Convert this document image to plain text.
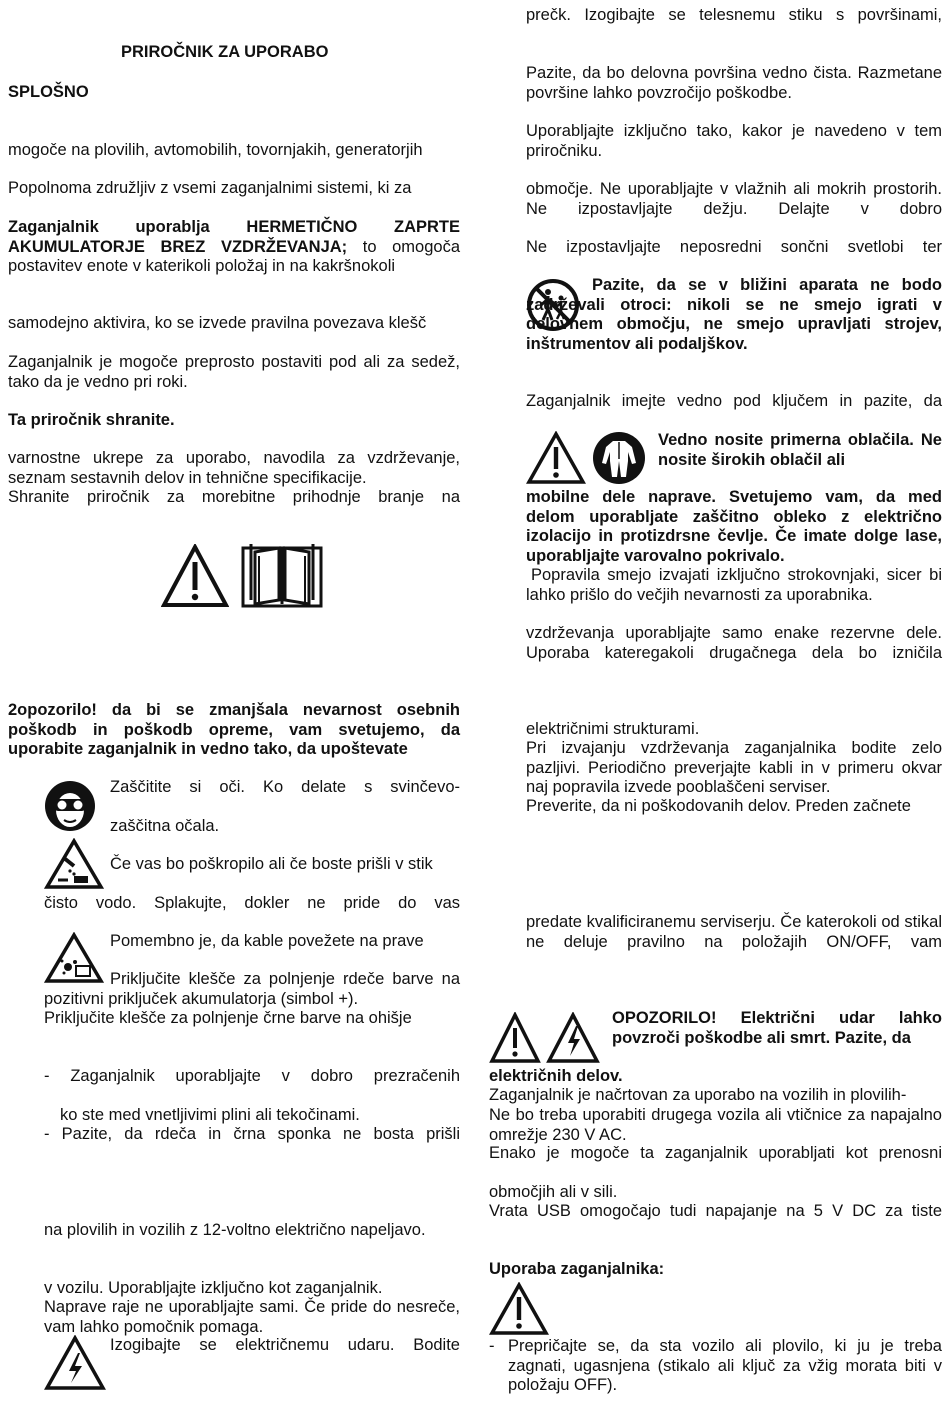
PRIROČNIK ZA UPORABO

SPLOŠNO

mogoče na plovilih, avtomobilih, tovornjakih, generatorjih

Popolnoma združljiv z vsemi zaganjalnimi sistemi, ki za

Zaganjalnik uporablja HERMETIČNO ZAPRTE AKUMULATORJE BREZ VZDRŽEVANJA; to omogoča postavitev enote v katerikoli položaj in na kakršnokoli

samodejno aktivira, ko se izvede pravilna povezava klešč

Zaganjalnik je mogoče preprosto postaviti pod ali za sedež, tako da je vedno pri roki.

Ta priročnik shranite.

varnostne ukrepe za uporabo, navodila za vzdrževanje, seznam sestavnih delov in tehnične specifikacije.

Shranite priročnik za morebitne prihodnje branje na

2opozorilo! da bi se zmanjšala nevarnost osebnih poškodb in poškodb opreme, vam svetujemo, da uporabite zaganjalnik in vedno tako, da upoštevate

Zaščitite si oči. Ko delate s svinčevo-

zaščitna očala.

Če vas bo poškropilo ali če boste prišli v stik

čisto vodo. Splakujte, dokler ne pride do vas

Pomembno je, da kable povežete na prave

Priključite klešče za polnjenje rdeče barve na pozitivni priključek akumulatorja (simbol +).

Priključite klešče za polnjenje črne barve na ohišje

- Zaganjalnik uporabljajte v dobro prezračenih

ko ste med vnetljivimi plini ali tekočinami.

- Pazite, da rdeča in črna sponka ne bosta prišli

na plovilih in vozilih z 12-voltno električno napeljavo.

v vozilu. Uporabljajte izključno kot zaganjalnik.

Naprave raje ne uporabljajte sami. Če pride do nesreče, vam lahko pomočnik pomaga.

Izogibajte se električnemu udaru. Bodite

prečk. Izogibajte se telesnemu stiku s površinami,

Pazite, da bo delovna površina vedno čista. Razmetane površine lahko povzročijo poškodbe.

Uporabljajte izključno tako, kakor je navedeno v tem priročniku.

območje. Ne uporabljajte v vlažnih ali mokrih prostorih. Ne izpostavljajte dežju. Delajte v dobro

Ne izpostavljajte neposredni sončni svetlobi ter

Pazite, da se v bližini aparata ne bodo zadrževali otroci: nikoli se ne smejo igrati v delovnem območju, ne smejo upravljati strojev, inštrumentov ali podaljškov.

Zaganjalnik imejte vedno pod ključem in pazite, da

Vedno nosite primerna oblačila. Ne nosite širokih oblačil ali

mobilne dele naprave. Svetujemo vam, da med delom uporabljate zaščitno obleko z električno izolacijo in protizdrsne čevlje. Če imate dolge lase, uporabljajte varovalno pokrivalo.

Popravila smejo izvajati izključno strokovnjaki, sicer bi lahko prišlo do večjih nevarnosti za uporabnika.

vzdrževanja uporabljajte samo enake rezervne dele. Uporaba kateregakoli drugačnega dela bo izničila

električnimi strukturami.

Pri izvajanju vzdrževanja zaganjalnika bodite zelo pazljivi. Periodično preverjajte kabli in v primeru okvar naj popravila izvede pooblaščeni serviser.

Preverite, da ni poškodovanih delov. Preden začnete

predate kvalificiranemu serviserju. Če katerokoli od stikal ne deluje pravilno na položajih ON/OFF, vam

OPOZORILO! Električni udar lahko povzroči poškodbe ali smrt. Pazite, da

električnih delov.

Zaganjalnik je načrtovan za uporabo na vozilih in plovilih-

Ne bo treba uporabiti drugega vozila ali vtičnice za napajalno omrežje 230 V AC.

Enako je mogoče ta zaganjalnik uporabljati kot prenosni

območjih ali v sili.

Vrata USB omogočajo tudi napajanje na 5 V DC za tiste

Uporaba zaganjalnika:

- Prepričajte se, da sta vozilo ali plovilo, ki ju je treba zagnati, ugasnjena (stikalo ali ključ za vžig morata biti v položaju OFF).
